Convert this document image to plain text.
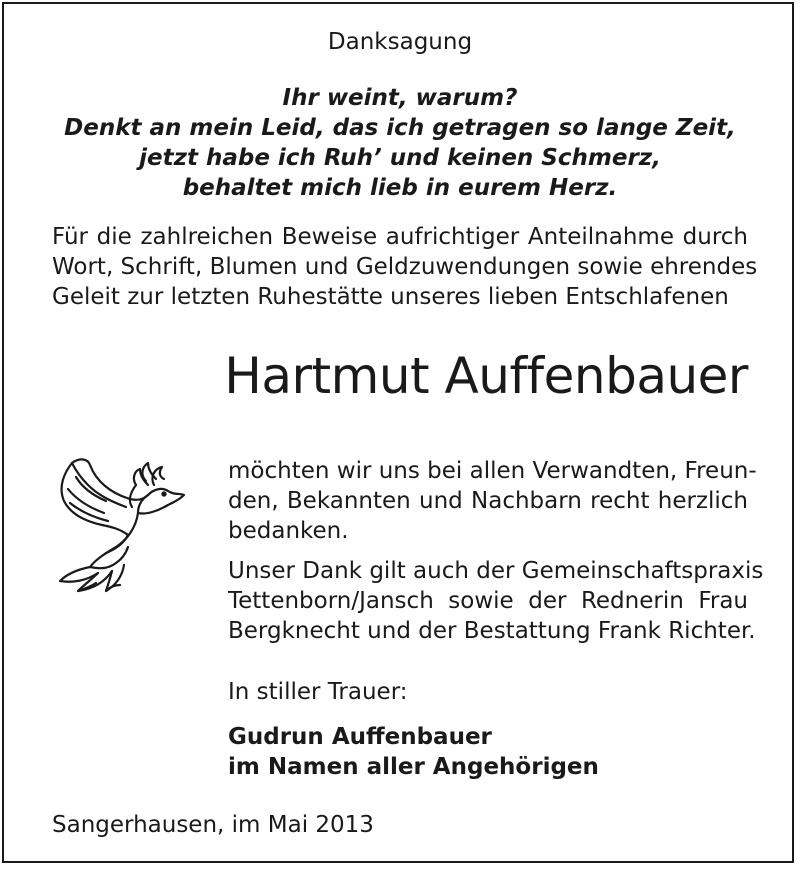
Danksagung
Ihr weint, warum?
Denkt an mein Leid, das ich getragen so lange Zeit,
jetzt habe ich Ruh’ und keinen Schmerz,
behaltet mich lieb in eurem Herz.
Für die zahlreichen Beweise aufrichtiger Anteilnahme durch
Wort, Schrift, Blumen und Geldzuwendungen sowie ehrendes
Geleit zur letzten Ruhestätte unseres lieben Entschlafenen
Hartmut Auffenbauer
möchten wir uns bei allen Verwandten, Freun-
den, Bekannten und Nachbarn recht herzlich
bedanken.
Unser Dank gilt auch der Gemeinschaftspraxis
Tettenborn/Jansch sowie der Rednerin Frau
Bergknecht und der Bestattung Frank Richter.
In stiller Trauer:
Gudrun Auffenbauer
im Namen aller Angehörigen
Sangerhausen, im Mai 2013
